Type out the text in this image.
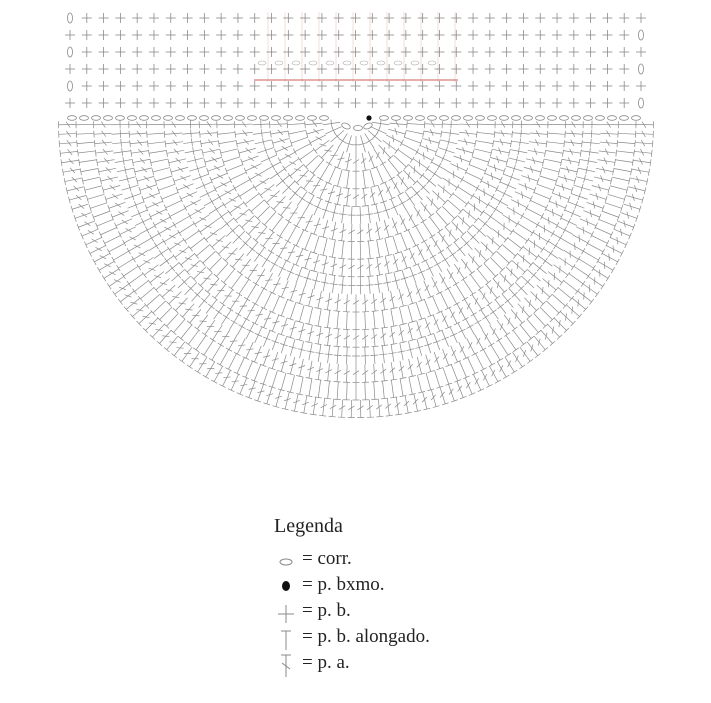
Legenda
= corr.
= p. bxmo.
= p. b.
= p. b. alongado.
= p. a.
